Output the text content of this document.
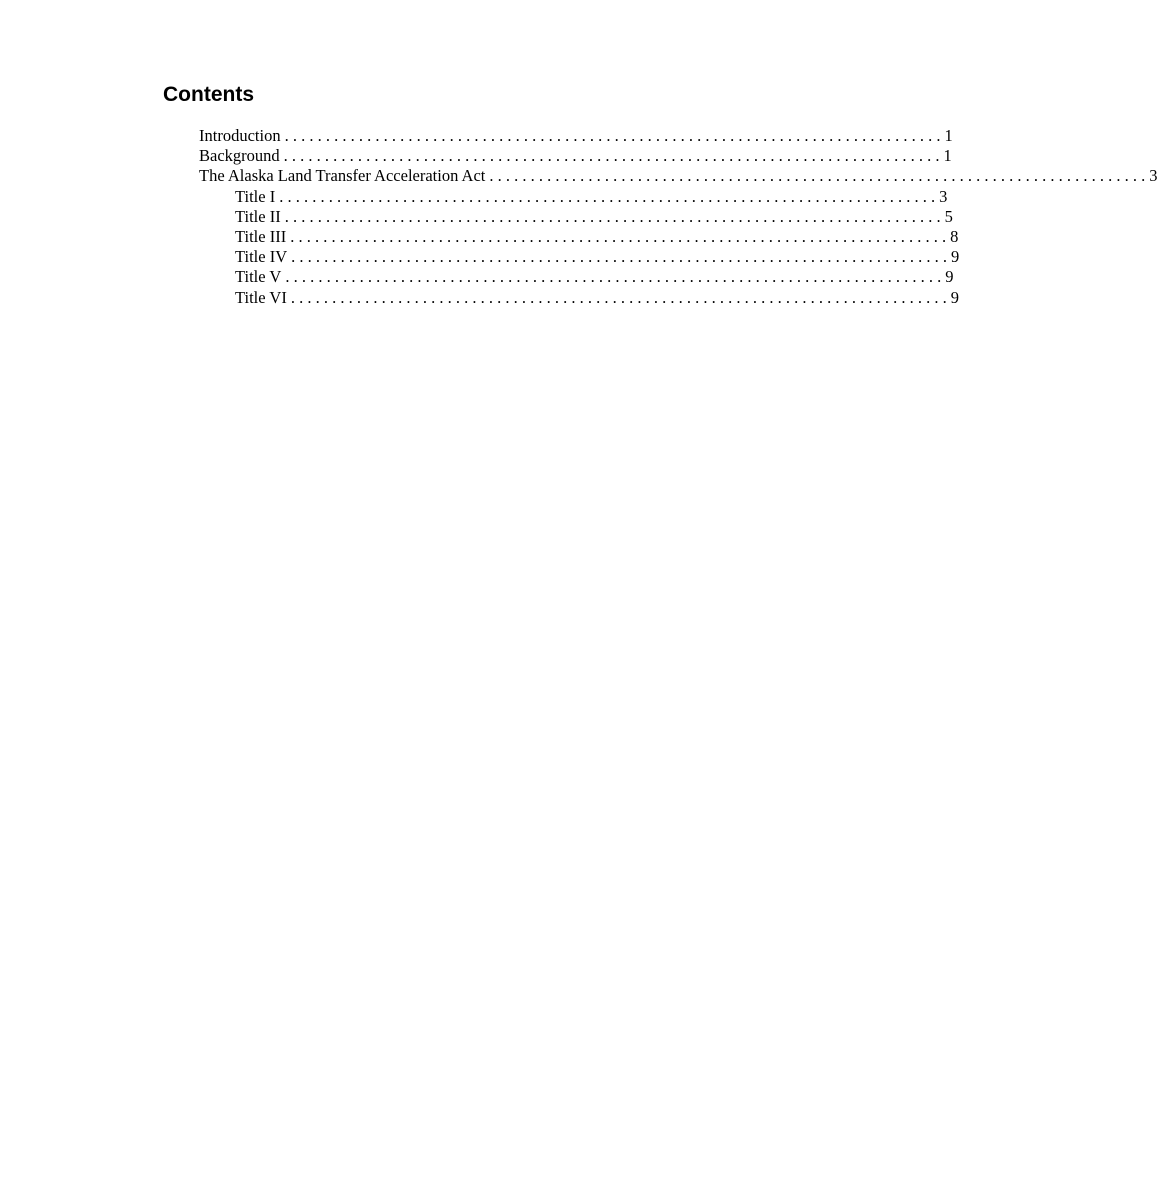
Contents
Introduction . . . . . . . . . . . . . . . . . . . . . . . . . . . . . . . . . . . . . . . . . . . . . . . . . . . . . . . . . . . . . . . . . . . . . . . . . . . . . . . . 1
Background . . . . . . . . . . . . . . . . . . . . . . . . . . . . . . . . . . . . . . . . . . . . . . . . . . . . . . . . . . . . . . . . . . . . . . . . . . . . . . . . 1
The Alaska Land Transfer Acceleration Act . . . . . . . . . . . . . . . . . . . . . . . . . . . . . . . . . . . . . . . . . . . . . . . . . . . . . . . . . . . . . . . . . . . . . . . . . . . . . . . . 3
Title I . . . . . . . . . . . . . . . . . . . . . . . . . . . . . . . . . . . . . . . . . . . . . . . . . . . . . . . . . . . . . . . . . . . . . . . . . . . . . . . . 3
Title II . . . . . . . . . . . . . . . . . . . . . . . . . . . . . . . . . . . . . . . . . . . . . . . . . . . . . . . . . . . . . . . . . . . . . . . . . . . . . . . . 5
Title III . . . . . . . . . . . . . . . . . . . . . . . . . . . . . . . . . . . . . . . . . . . . . . . . . . . . . . . . . . . . . . . . . . . . . . . . . . . . . . . . 8
Title IV . . . . . . . . . . . . . . . . . . . . . . . . . . . . . . . . . . . . . . . . . . . . . . . . . . . . . . . . . . . . . . . . . . . . . . . . . . . . . . . . 9
Title V . . . . . . . . . . . . . . . . . . . . . . . . . . . . . . . . . . . . . . . . . . . . . . . . . . . . . . . . . . . . . . . . . . . . . . . . . . . . . . . . 9
Title VI . . . . . . . . . . . . . . . . . . . . . . . . . . . . . . . . . . . . . . . . . . . . . . . . . . . . . . . . . . . . . . . . . . . . . . . . . . . . . . . . 9
